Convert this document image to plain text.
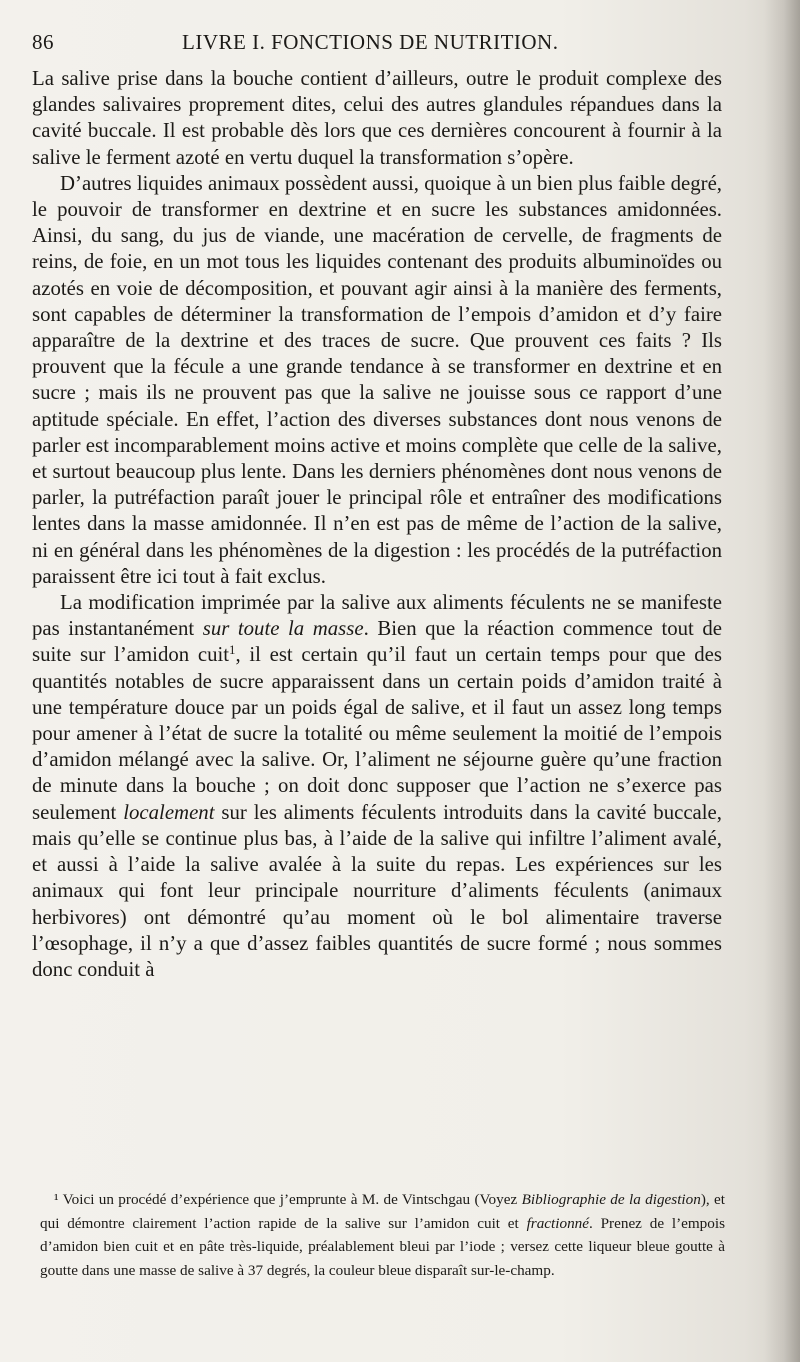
86	LIVRE I. FONCTIONS DE NUTRITION.

La salive prise dans la bouche contient d’ailleurs, outre le produit complexe des glandes salivaires proprement dites, celui des autres glandules répandues dans la cavité buccale. Il est probable dès lors que ces dernières concourent à fournir à la salive le ferment azoté en vertu duquel la transformation s’opère.

D’autres liquides animaux possèdent aussi, quoique à un bien plus faible degré, le pouvoir de transformer en dextrine et en sucre les substances amidonnées. Ainsi, du sang, du jus de viande, une macération de cervelle, de fragments de reins, de foie, en un mot tous les liquides contenant des produits albuminoïdes ou azotés en voie de décomposition, et pouvant agir ainsi à la manière des ferments, sont capables de déterminer la transformation de l’empois d’amidon et d’y faire apparaître de la dextrine et des traces de sucre. Que prouvent ces faits ? Ils prouvent que la fécule a une grande tendance à se transformer en dextrine et en sucre ; mais ils ne prouvent pas que la salive ne jouisse sous ce rapport d’une aptitude spéciale. En effet, l’action des diverses substances dont nous venons de parler est incomparablement moins active et moins complète que celle de la salive, et surtout beaucoup plus lente. Dans les derniers phénomènes dont nous venons de parler, la putréfaction paraît jouer le principal rôle et entraîner des modifications lentes dans la masse amidonnée. Il n’en est pas de même de l’action de la salive, ni en général dans les phénomènes de la digestion : les procédés de la putréfaction paraissent être ici tout à fait exclus.

La modification imprimée par la salive aux aliments féculents ne se manifeste pas instantanément sur toute la masse. Bien que la réaction commence tout de suite sur l’amidon cuit$^1$, il est certain qu’il faut un certain temps pour que des quantités notables de sucre apparaissent dans un certain poids d’amidon traité à une température douce par un poids égal de salive, et il faut un assez long temps pour amener à l’état de sucre la totalité ou même seulement la moitié de l’empois d’amidon mélangé avec la salive. Or, l’aliment ne séjourne guère qu’une fraction de minute dans la bouche ; on doit donc supposer que l’action ne s’exerce pas seulement localement sur les aliments féculents introduits dans la cavité buccale, mais qu’elle se continue plus bas, à l’aide de la salive qui infiltre l’aliment avalé, et aussi à l’aide la salive avalée à la suite du repas. Les expériences sur les animaux qui font leur principale nourriture d’aliments féculents (animaux herbivores) ont démontré qu’au moment où le bol alimentaire traverse l’œsophage, il n’y a que d’assez faibles quantités de sucre formé ; nous sommes donc conduit à

¹ Voici un procédé d’expérience que j’emprunte à M. de Vintschgau (Voyez Bibliographie de la digestion), et qui démontre clairement l’action rapide de la salive sur l’amidon cuit et fractionné. Prenez de l’empois d’amidon bien cuit et en pâte très-liquide, préalablement bleui par l’iode ; versez cette liqueur bleue goutte à goutte dans une masse de salive à 37 degrés, la couleur bleue disparaît sur-le-champ.
